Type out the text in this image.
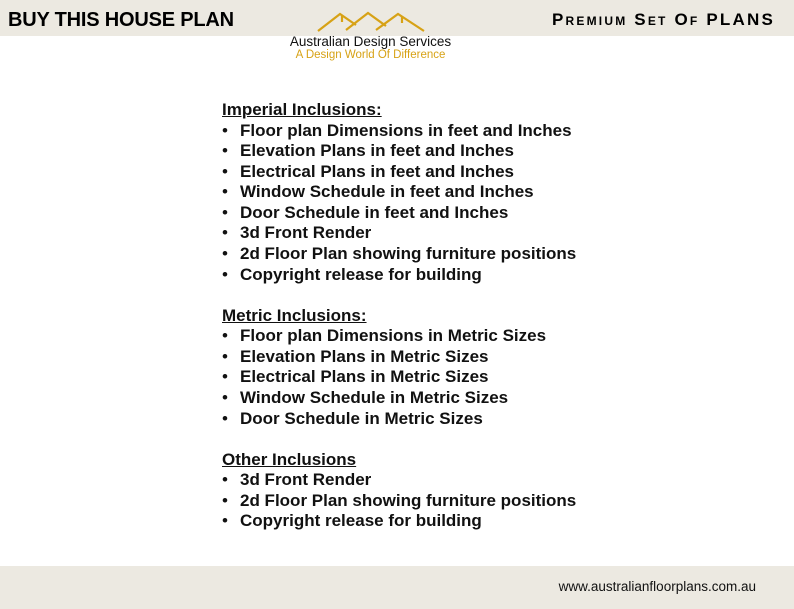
BUY THIS HOUSE PLAN	Premium Set Of PLANS
Australian Design Services
A Design World Of Difference
Imperial Inclusions:
• Floor plan Dimensions in feet and Inches
• Elevation Plans in feet and Inches
• Electrical Plans in feet and Inches
• Window Schedule in feet and Inches
• Door Schedule in feet and Inches
• 3d Front Render
• 2d Floor Plan showing furniture positions
• Copyright release for building
Metric Inclusions:
• Floor plan Dimensions in Metric Sizes
• Elevation Plans in Metric Sizes
• Electrical Plans in Metric Sizes
• Window Schedule in Metric Sizes
• Door Schedule in Metric Sizes
Other Inclusions
• 3d Front Render
• 2d Floor Plan showing furniture positions
• Copyright release for building
www.australianfloorplans.com.au
